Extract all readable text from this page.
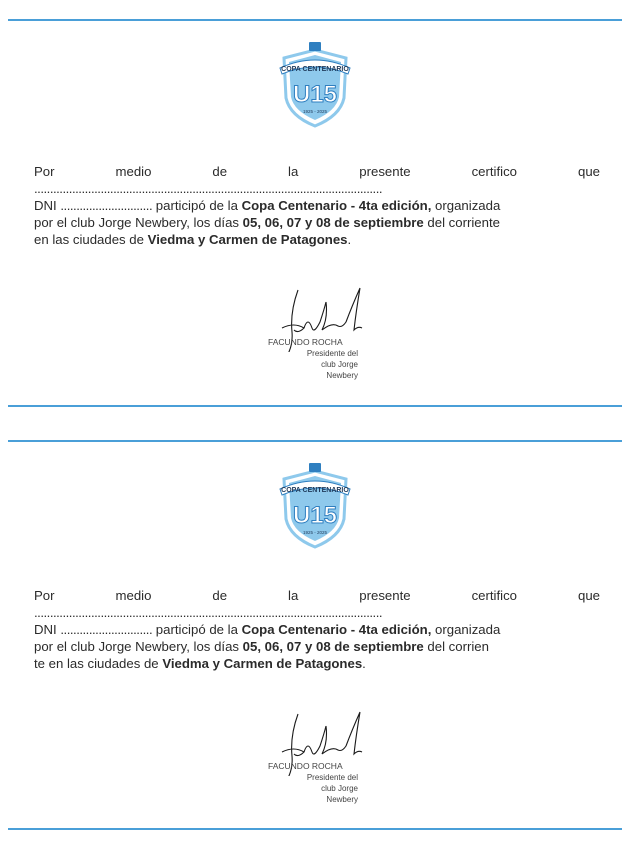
COPA CENTENARIO
U15
1925 - 2025
Por medio de la presente certifico que ..............................................................................................................
DNI ............................. participó de la Copa Centenario - 4ta edición, organizada
por el club Jorge Newbery, los días 05, 06, 07 y 08 de septiembre del corriente
en las ciudades de Viedma y Carmen de Patagones.
FACUNDO ROCHA
Presidente del
club Jorge
Newbery
COPA CENTENARIO
U15
1925 - 2025
Por medio de la presente certifico que ..............................................................................................................
DNI ............................. participó de la Copa Centenario - 4ta edición, organizada
por el club Jorge Newbery, los días 05, 06, 07 y 08 de septiembre del corrien
te en las ciudades de Viedma y Carmen de Patagones.
FACUNDO ROCHA
Presidente del
club Jorge
Newbery
